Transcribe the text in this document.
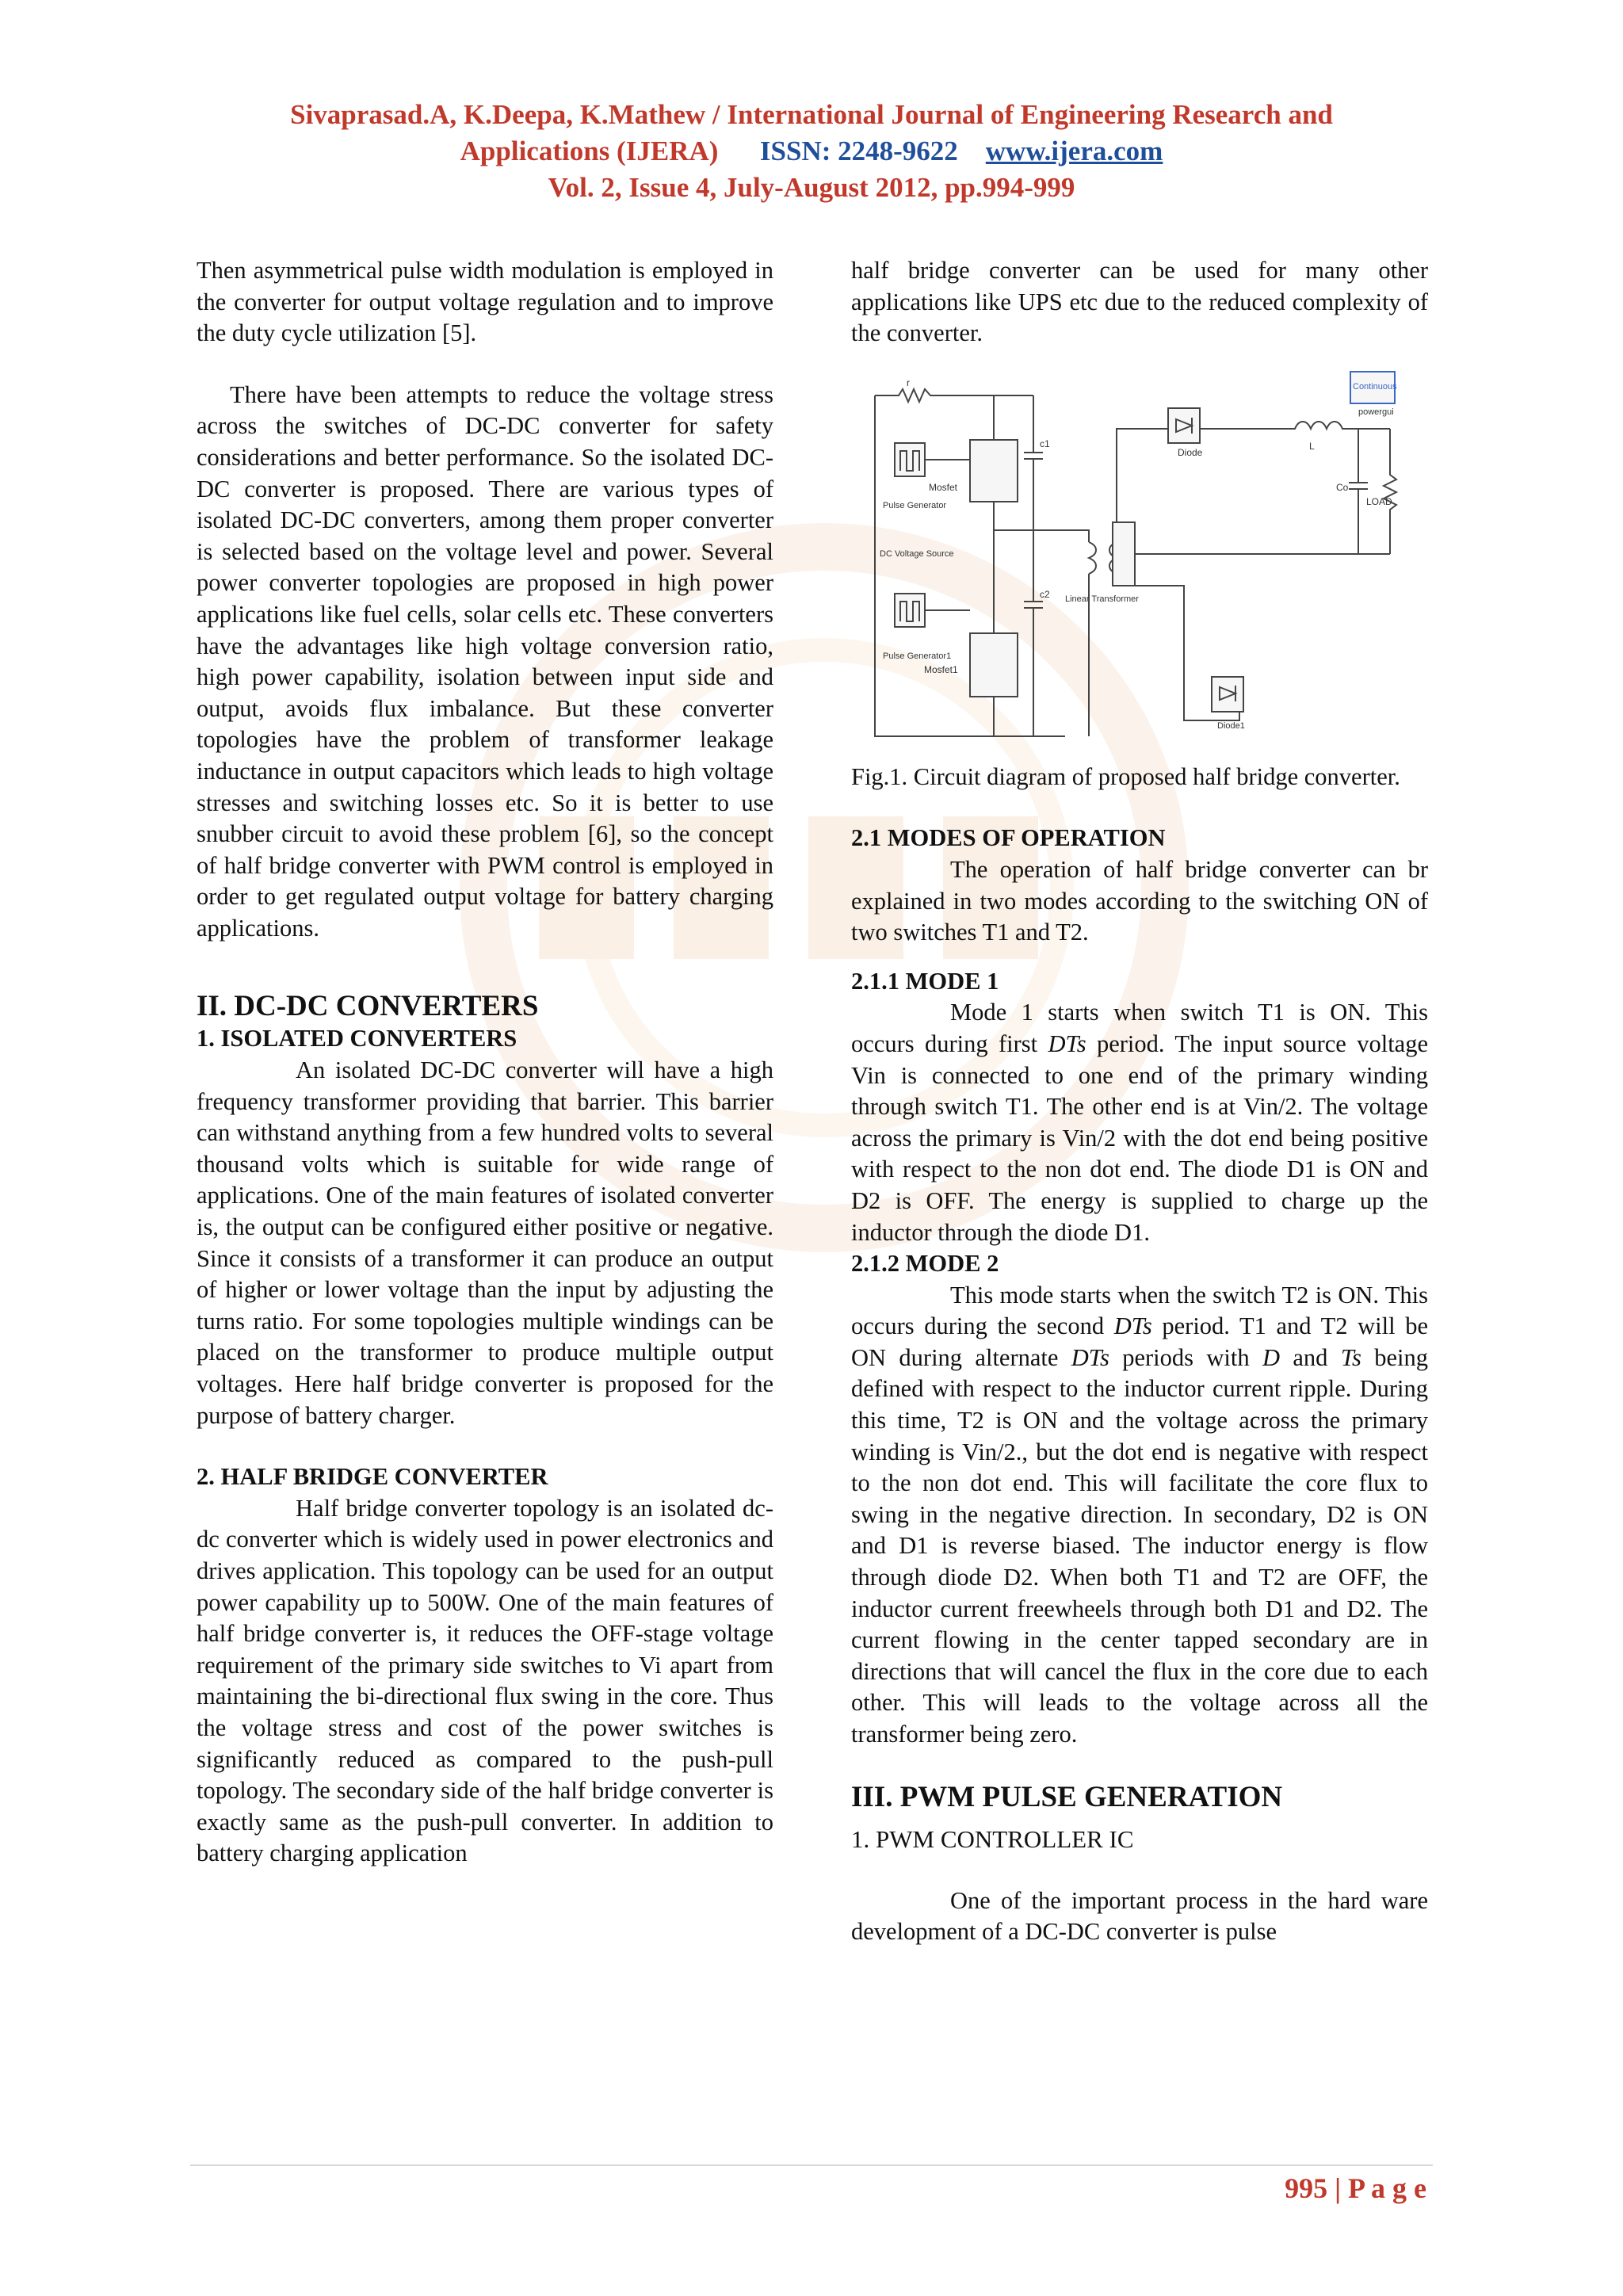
Sivaprasad.A, K.Deepa, K.Mathew / International Journal of Engineering Research and
Applications (IJERA) ISSN: 2248-9622 www.ijera.com
Vol. 2, Issue 4, July-August 2012, pp.994-999

Then asymmetrical pulse width modulation is employed in the converter for output voltage regulation and to improve the duty cycle utilization [5].

There have been attempts to reduce the voltage stress across the switches of DC-DC converter for safety considerations and better performance. So the isolated DC-DC converter is proposed. There are various types of isolated DC-DC converters, among them proper converter is selected based on the voltage level and power. Several power converter topologies are proposed in high power applications like fuel cells, solar cells etc. These converters have the advantages like high voltage conversion ratio, high power capability, isolation between input side and output, avoids flux imbalance. But these converter topologies have the problem of transformer leakage inductance in output capacitors which leads to high voltage stresses and switching losses etc. So it is better to use snubber circuit to avoid these problem [6], so the concept of half bridge converter with PWM control is employed in order to get regulated output voltage for battery charging applications.

II. DC-DC CONVERTERS
1. ISOLATED CONVERTERS

An isolated DC-DC converter will have a high frequency transformer providing that barrier. This barrier can withstand anything from a few hundred volts to several thousand volts which is suitable for wide range of applications. One of the main features of isolated converter is, the output can be configured either positive or negative. Since it consists of a transformer it can produce an output of higher or lower voltage than the input by adjusting the turns ratio. For some topologies multiple windings can be placed on the transformer to produce multiple output voltages. Here half bridge converter is proposed for the purpose of battery charger.

2. HALF BRIDGE CONVERTER

Half bridge converter topology is an isolated dc-dc converter which is widely used in power electronics and drives application. This topology can be used for an output power capability up to 500W. One of the main features of half bridge converter is, it reduces the OFF-stage voltage requirement of the primary side switches to Vi apart from maintaining the bi-directional flux swing in the core. Thus the voltage stress and cost of the power switches is significantly reduced as compared to the push-pull topology. The secondary side of the half bridge converter is exactly same as the push-pull converter. In addition to battery charging application

half bridge converter can be used for many other applications like UPS etc due to the reduced complexity of the converter.

r	Continuous
powergui
Diode
L
Co
LOAD
c1
c2
Mosfet
Mosfet1
Pulse Generator
Pulse Generator1
DC Voltage Source
Linear Transformer
Diode1

Fig.1. Circuit diagram of proposed half bridge converter.

2.1 MODES OF OPERATION

The operation of half bridge converter can br explained in two modes according to the switching ON of two switches T1 and T2.

2.1.1 MODE 1

Mode 1 starts when switch T1 is ON. This occurs during first DTs period. The input source voltage Vin is connected to one end of the primary winding through switch T1. The other end is at Vin/2. The voltage across the primary is Vin/2 with the dot end being positive with respect to the non dot end. The diode D1 is ON and D2 is OFF. The energy is supplied to charge up the inductor through the diode D1.

2.1.2 MODE 2

This mode starts when the switch T2 is ON. This occurs during the second DTs period. T1 and T2 will be ON during alternate DTs periods with D and Ts being defined with respect to the inductor current ripple. During this time, T2 is ON and the voltage across the primary winding is Vin/2., but the dot end is negative with respect to the non dot end. This will facilitate the core flux to swing in the negative direction. In secondary, D2 is ON and D1 is reverse biased. The inductor energy is flow through diode D2. When both T1 and T2 are OFF, the inductor current freewheels through both D1 and D2. The current flowing in the center tapped secondary are in directions that will cancel the flux in the core due to each other. This will leads to the voltage across all the transformer being zero.

III. PWM PULSE GENERATION

1. PWM CONTROLLER IC

One of the important process in the hard ware development of a DC-DC converter is pulse

995 | P a g e
